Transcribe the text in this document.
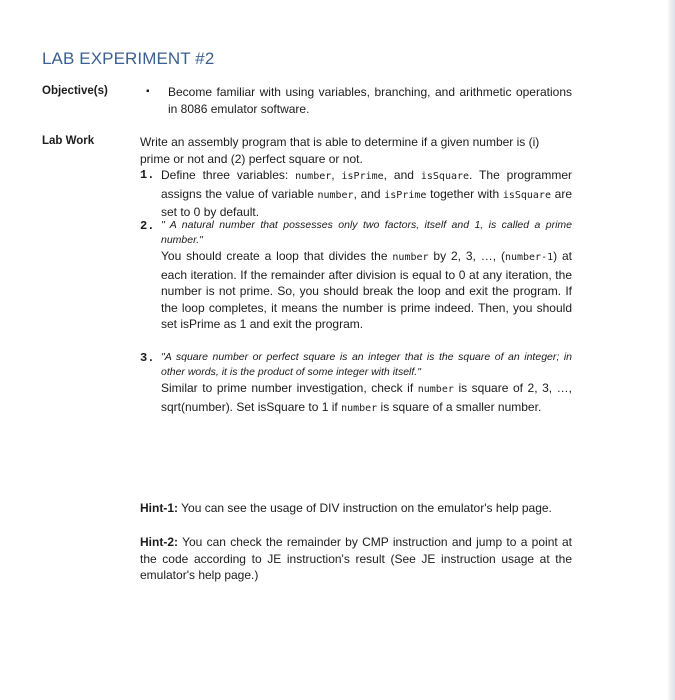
LAB EXPERIMENT #2
Objective(s)	▪ Become familiar with using variables, branching, and arithmetic operations in 8086 emulator software.
Lab Work	Write an assembly program that is able to determine if a given number is (i) prime or not and (2) perfect square or not.
1. Define three variables: number, isPrime, and isSquare. The programmer assigns the value of variable number, and isPrime together with isSquare are set to 0 by default.
2. " A natural number that possesses only two factors, itself and 1, is called a prime number."
You should create a loop that divides the number by 2, 3, …, (number-1) at each iteration. If the remainder after division is equal to 0 at any iteration, the number is not prime. So, you should break the loop and exit the program. If the loop completes, it means the number is prime indeed. Then, you should set isPrime as 1 and exit the program.
3. "A square number or perfect square is an integer that is the square of an integer; in other words, it is the product of some integer with itself."
Similar to prime number investigation, check if number is square of 2, 3, …, sqrt(number). Set isSquare to 1 if number is square of a smaller number.
Hint-1: You can see the usage of DIV instruction on the emulator's help page.
Hint-2: You can check the remainder by CMP instruction and jump to a point at the code according to JE instruction's result (See JE instruction usage at the emulator's help page.)
